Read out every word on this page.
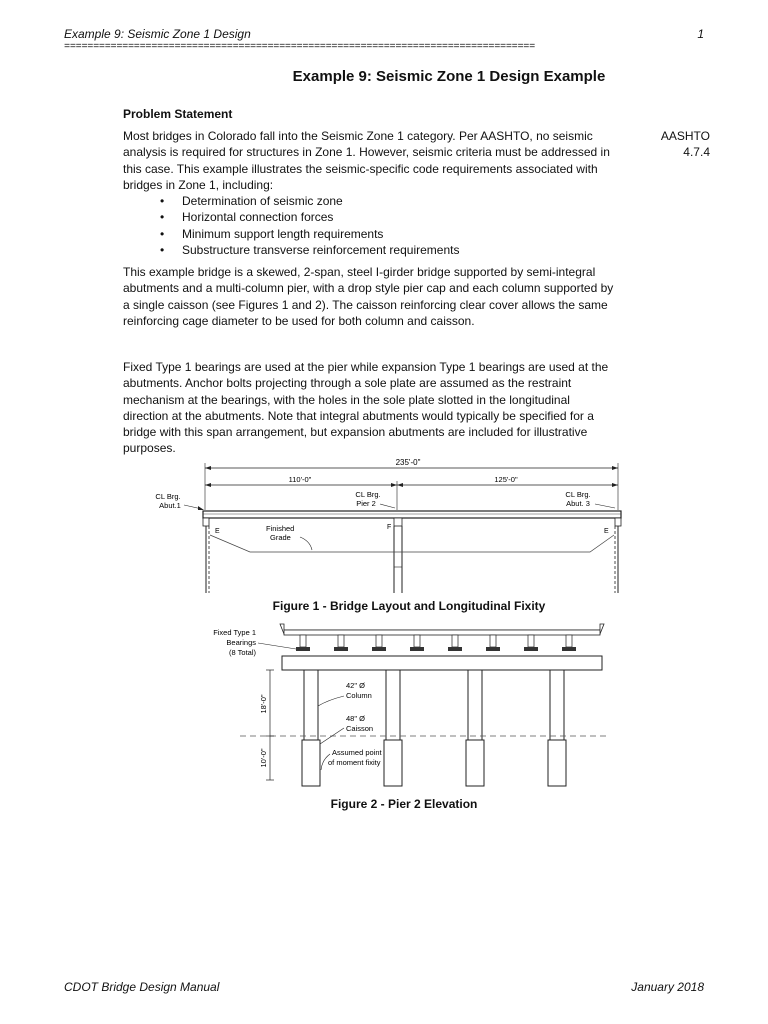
Example 9: Seismic Zone 1 Design	1
=================================================================================
Example 9: Seismic Zone 1 Design Example
Problem Statement
Most bridges in Colorado fall into the Seismic Zone 1 category. Per AASHTO, no seismic analysis is required for structures in Zone 1. However, seismic criteria must be addressed in this case. This example illustrates the seismic-specific code requirements associated with bridges in Zone 1, including:
AASHTO
4.7.4
• Determination of seismic zone
• Horizontal connection forces
• Minimum support length requirements
• Substructure transverse reinforcement requirements
This example bridge is a skewed, 2-span, steel I-girder bridge supported by semi-integral abutments and a multi-column pier, with a drop style pier cap and each column supported by a single caisson (see Figures 1 and 2). The caisson reinforcing clear cover allows the same reinforcing cage diameter to be used for both column and caisson.
Fixed Type 1 bearings are used at the pier while expansion Type 1 bearings are used at the abutments. Anchor bolts projecting through a sole plate are assumed as the restraint mechanism at the bearings, with the holes in the sole plate slotted in the longitudinal direction at the abutments. Note that integral abutments would typically be specified for a bridge with this span arrangement, but expansion abutments are included for illustrative purposes.
235'-0"
110'-0"	125'-0"
CL Brg.
Abut.1
CL Brg.
Pier 2
CL Brg.
Abut. 3
E	E
F
Finished
Grade
Figure 1 - Bridge Layout and Longitudinal Fixity
18'-0"
10'-0"
Fixed Type 1
Bearings
(8 Total)
42" Ø
Column
48" Ø
Caisson
Assumed point
of moment fixity
Figure 2 - Pier 2 Elevation
CDOT Bridge Design Manual	January 2018
